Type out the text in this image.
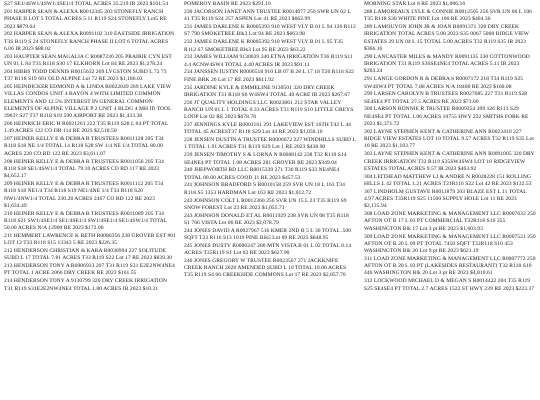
S27 SE1/4SW1/4SW1/4SE1/4 TOTAL ACRES 35.219 IR 2023 $161.54

201 HARPER SEAN & ALEXA R0012345 203 STONEFLY RANCH PHASE II LOT 5 TOTAL ACRES 5.11 R119 S24 STONEFLY Lot5 RE 2023 $879.64

202 HARPER SEAN & ALEXA R0091102 310 EASTSIDE IRRIGATION T3S R119 S 24 STONEFLY RANCH PHASE II LOT 6 TOTAL ACRES 6.06 IR 2023 $88.02

203 HAUPTER SEAN MAGALIA C R0087236 205 PRAIRIE CYN EST UN 01 L 84 T35 R118 S30 17 ELKHORN Lot 84 RE 2023 $1,278.24

204 HIBBS TODD DENNIS R0015632 269 LVGSTON SUBD L 72 73 T37 R118 S19 601 OLD ALPINE Lot 72 RE 2023 $1,186.03

205 HEINDICKER EDMOND A & LINDA R0022049 269 LAKE VIEW VILLAS CONDOS UNIT 4 BAYON 4 WITH LIMITED COMMON ELEMENTS AND 12.5% INTEREST IN GENERAL COMMON ELEMENTS OF ALPINE VILLAGE P 2 UNIT 4 BLDG 4 MH ID TOOL 3963? S27 T37 R118 S19 590 AIRPORT RE 2023 $1,433.38

206 HEINRICH ERIC H R0021261 222 T35 R119 S28 L 04 PT TOTAL 1.49 ACRES 122 CO DR 114 RE 2023 $2,518.50

207 HEINER KELLY E & DEBRA R TRUSTEES R0011128 205 T34 R118 S18 NE 1/4 TOTAL 14 R118 S28 SW 1/4 NE 1/4 TOTAL 80.00 ACRES 220 CO RD 122 RE 2023 $3,611.07

208 HEINER KELLY E & DEBRA R TRUSTEES R0011056 205 T34 R118 S18 SE1/4SW1/4 TOTAL 79.10 ACRES CO RD 117 RE 2023 $4,652.17

209 HEINER KELLY E & DEBRA R TRUSTEES R0011112 205 T34 R118 S18 NE1/4 T34 R118 S19 NE1/4NE 1/4 T34 R118 S20 NW1/4NW1/4 TOTAL 230.28 ACRES 2467 CO RD 122 RE 2023 $1,634.49

210 HEINER KELLY E & DEBRA R TRUSTEES R0011089 205 T34 R118 S21 SW1/4SE1/4 SE1/4SE1/4 SW1/4SE1/4 SE1/4SW1/4 TOTAL 50.00 ACRES N/A 12900 RE 2023 $172.00

211 HEMMERT LAWRENCE K BETH R0086356 238 GROVER EST #01 LOT 12 T33 R118 S15 13343 5 RE 2023 $226.35

212 HENDERSON CHRISTIAN & KARA R0030994 227 SOLITUDE SUBD L 17 TOTAL 7.81 ACRES T33 R119 S22 Lot 17 RE 2023 $839.30

213 HENDERSON TONY A R0006933 207 T31 R119 S31 E2E2NW4NE4 PT TOTAL 1 ACRE 2066 DRY CREEK RE 2023 $161.55

214 HENDERSON TONY A 9130799 320 DRY CREEK IRRIGATION T31 R119 S31E2E2NW4NE4 TOTAL 1.00 ACRES IR 2023 $10.31

POMEROY BASIN RE 2023 $291.10

230 JACOBSON JANET ANN TRUSTEE R0014077 256 SWR UN 02 L 41 T35 R119 S24 257 ASPEN Lot 41 RE 2023 $662.99

231 JAMES DARLENE K R0005393 910 WEST VLY B 01 L 94 126 R112 S7 790 SMOKETREE Blk3 Lot 94 RE 2023 $663.98

232 JAMES DARLENE K R0005392 910 WEST VLY B 01 L 95 T35 R112 S7 SMOKETREE Blk3 Lot 95 RE 2023 $63.22

233 JAMES WILLIAM 9130039 340 ETNA IRRIGATION T36 R119 S11 4.4 ACNW4SW4 TOTAL 4.40 ACRES IR 2023 $91.11

234 JANSSEN JUSTIN R0006518 910 LB 07 B 28 L 17 18 T26 R116 S22 FINE BRK 26 Lot 17 RE 2023 $611.92

235 JARDINE KYLE & EMMELINE 9130501 320 DRY CREEK IRRIGATION T31 R118 S6 W4SW4 TOTAL 40 ACRE IR 2023 $267.67

236 JT QUALITY HOLDINGS LLC R0023861 212 STAR VALLEY RANCH UN 01 L 1 TOTAL 0.33 ACRES T31 R119 S10 LITTLE GREYS LOOP Lot 02 RE 2023 $678.78

237 JENNINGS KYLE R0001161 291 LAKEVIEW EST 16TH T42 L 44 TOTAL 45 ACREST37 R118 S29 Lot 44 RE 2023 $1,050.10

238 JENSEN DUSTIN A TRUSTEE R0006672 227 WINDHILLS SUBD L 1 TOTAL 1.91 ACRES T31 R119 S29 Lot 1 RE 2023 $438.90

239 JENSEN TIMOTHY S & LORNA N R0008142 238 T32 R119 S14 SE4NE4 PT TOTAL 1.08 ACRES 281 GROVER RE 2023 $349.04

240 JHEPWORTH BD LLC R0015339 271 T36 R119 S33 NE4NE4 TOTAL 00.00 ACRES COOD 11 RE 2023 $457.53

241 JOHNSON BRADFORD S R0010158 259 SVR UN 18 L 163 T34 R118 S5 1353 HARDMAN Lot 163 RE 2023 $1,612.72

242 JOHNSON COLT L R0012360 256 SVR UN 15 L 23 T35 R119 S9 SNOW FOREST Lot 23 RE 2023 $1,055.71

243 JOHNSON DONALD ET AL R0011929 238 SVR UN 08 T35 R118 S1 766 VISTA Lot 06 RE 2023 $2,078.79

244 JONES DAVID A R0027967 516 KMER 2ND B 5 L 30 TOTAL .500 SQFT T23 R116 S13 1019 PINE Blk5 Lot 09 RE 2023 $848.95

245 JONES DUSTY R0000247 280 MTN VISTA B 01 L 02 TOTAL 0.14 ACRES T35R119 S1 Lot 02 RE 2023 $627.90

246 JONES GREGORY W TRUSTEE R0023567 271 JACKKNIFE CREEK RANCH 2020 AMENDED SUBD L 10 TOTAL 10.06 ACRES T35 R119 S4 66 CREEKSIDE COMMONS Lot 17 RE 2023 $2,857.70

MORNING STAR Lot 8 RE 2023 $1,006.16

288 LAMOREAUX LYLE & CONNIE R0012505 256 SVR UN 06 L 106 T35 R118 S30 WHITE PINE Lot 106 RE 2023 $404.36

289 LAMOUYON JOHN JR & JOAN R0091371 320 DRY CREEK IRRIGATION TOTAL ACRES 5.00 2023 S35 0067 5000 RIDGE VIEW ESTATES 29 UN 04 L 15 TOTAL 5.00 ACRES T32 R119 S35 IR 2023 $366.16

290 LANCASTER MILES & MANDY R0091135 330 COTTONWOOD IRRIGATION T31 R119 S36SE4NE4 TOTAL ACRES 5.11 IR 2023 $203.24

291 LANGE GORDON R & DEBRA S R0007172 218 T34 R119 S25 SW4SW4 PT TOTAL 7.88 ACRES N/A 18400 RE 2023 $160.08

299 LARSEN CAROLYN B TRUSTEES R0027685 227 T31 R119 S28 SE4SE4 PT TOTAL 27.5 ACRES RE 2023 $73.60

300 LARSON BONNIE R TRUSTEE R0009354 209 126 R113 S29 NE4SE4 PT TOTAL 1.06 ACRES 10755 HWY 232 SMITHS FORK RE 2023 $1,371.72

302 LAYNE STEPHEN KENT & CATHERINE ANN R0023410 227 RIDGE VIEW ESTATES LOT 10 TOTAL 9.57 ACRES T32 R119 S35 Lot 10 RE 2023 $1,103.77

303 LAYNE STEPHEN KENT & CATHERINE ANN R0091005 320 DRY CREEK IRRIGATION T32 R119 S35SW4SW4 LOT 10 RIDGEVIEW ESTATES TOTAL ACRES 9.57 IR 2023 $463.92

304 LEITHEAD MATTHEW LJ & ANDRE N R0028228 151 ROLLING HILLS L 42 TOTAL 1.21 ACRES T21R116 S22 Lot 42 RE 2023 $132.53

307 LINDHOLM GUSTAVE R0011879 203 BLAZE EST L 11 TOTAL 4.97 ACRES T33R119 S25 11500 SUPPLY HOLE Lot 11 RE 2023 $2,135.94

308 LOAD ZONE MARKETING & MANAGEMENT LLC R0007632 250 AFTON OT B 17 L 03 PT COMMERCIAL T32R118 S10 355 WASHINGTON Blk 17 Lot 3 pt RE 2023 $1,603.93

309 LOAD ZONE MARKETING & MANAGEMENT LLC R0007521 250 AFTON OT B 20 L 09 PT TOTAL 7450 SQFT T32R118 S10 453 WASHINGTON Blk 20 Lot 9 pt RE 2023 $621.19

311 LOAD ZONE MARKETING & MANAGEMENT LLC R0007772 250 AFTON OT B 20 L 03 PT (LAKESIDES RESTAURANT) T32 R118 S10 446 WASHINGTON Blk 20 Lot 3 pt RE 2023 $4,810.61

312 LOCKWOOD MICHAEL D & MEGAN S R0014422 204 T35 R119 S25 SE4SE4 PT TOTAL 2.7 ACRES 1522 ST HWY 239 RE 2023 $223.37
